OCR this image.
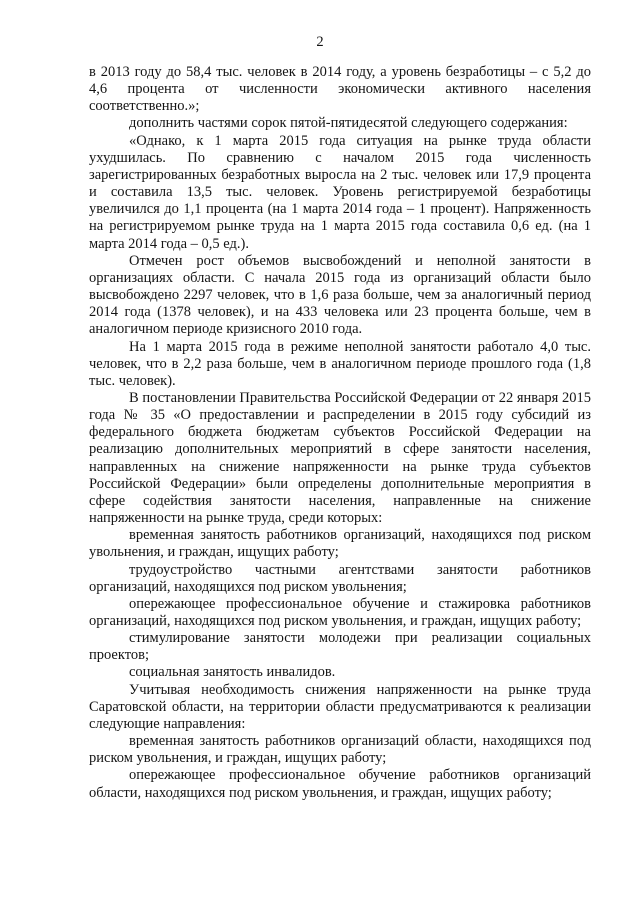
2

в 2013 году до 58,4 тыс. человек в 2014 году, а уровень безработицы – с 5,2 до 4,6 процента от численности экономически активного населения соответственно.»;

дополнить частями сорок пятой-пятидесятой следующего содержания:

«Однако, к 1 марта 2015 года ситуация на рынке труда области ухудшилась. По сравнению с началом 2015 года численность зарегистрированных безработных выросла на 2 тыс. человек или 17,9 процента и составила 13,5 тыс. человек. Уровень регистрируемой безработицы увеличился до 1,1 процента (на 1 марта 2014 года – 1 процент). Напряженность на регистрируемом рынке труда на 1 марта 2015 года составила 0,6 ед. (на 1 марта 2014 года – 0,5 ед.).

Отмечен рост объемов высвобождений и неполной занятости в организациях области. С начала 2015 года из организаций области было высвобождено 2297 человек, что в 1,6 раза больше, чем за аналогичный период 2014 года (1378 человек), и на 433 человека или 23 процента больше, чем в аналогичном периоде кризисного 2010 года.

На 1 марта 2015 года в режиме неполной занятости работало 4,0 тыс. человек, что в 2,2 раза больше, чем в аналогичном периоде прошлого года (1,8 тыс. человек).

В постановлении Правительства Российской Федерации от 22 января 2015 года № 35 «О предоставлении и распределении в 2015 году субсидий из федерального бюджета бюджетам субъектов Российской Федерации на реализацию дополнительных мероприятий в сфере занятости населения, направленных на снижение напряженности на рынке труда субъектов Российской Федерации» были определены дополнительные мероприятия в сфере содействия занятости населения, направленные на снижение напряженности на рынке труда, среди которых:

временная занятость работников организаций, находящихся под риском увольнения, и граждан, ищущих работу;

трудоустройство частными агентствами занятости работников организаций, находящихся под риском увольнения;

опережающее профессиональное обучение и стажировка работников организаций, находящихся под риском увольнения, и граждан, ищущих работу;

стимулирование занятости молодежи при реализации социальных проектов;

социальная занятость инвалидов.

Учитывая необходимость снижения напряженности на рынке труда Саратовской области, на территории области предусматриваются к реализации следующие направления:

временная занятость работников организаций области, находящихся под риском увольнения, и граждан, ищущих работу;

опережающее профессиональное обучение работников организаций области, находящихся под риском увольнения, и граждан, ищущих работу;
